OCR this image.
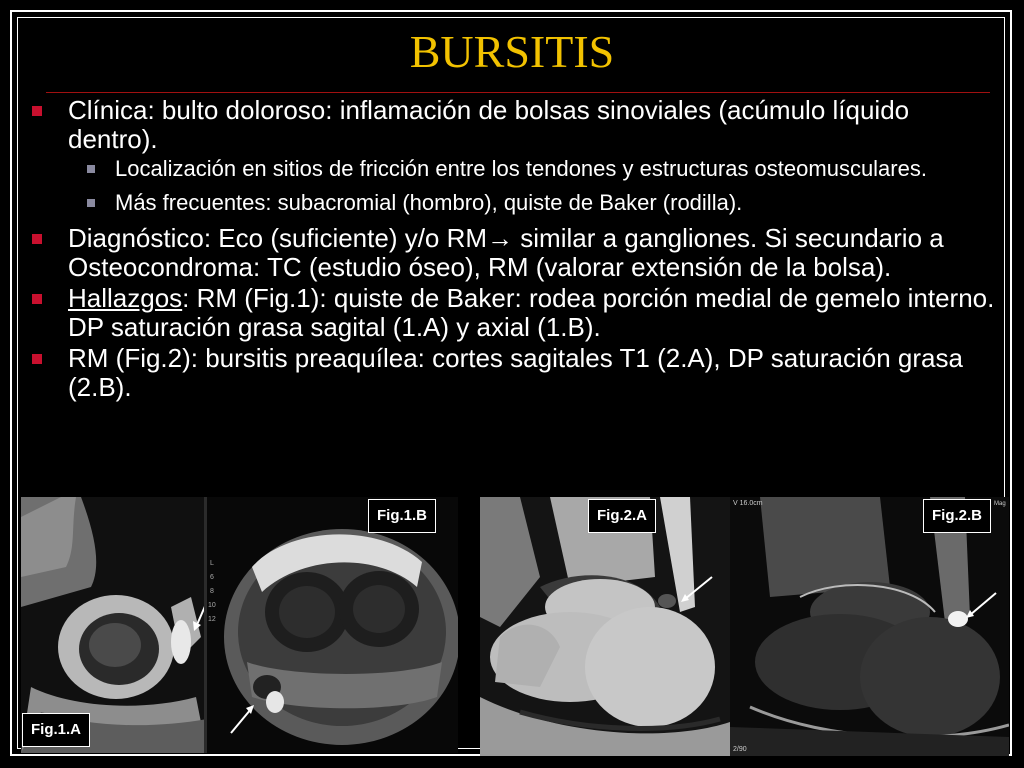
BURSITIS
Clínica: bulto doloroso: inflamación de bolsas sinoviales (acúmulo líquido dentro).
Localización en sitios de fricción entre los tendones y estructuras osteomusculares.
Más frecuentes: subacromial (hombro), quiste de Baker (rodilla).
Diagnóstico: Eco (suficiente) y/o RM→ similar a gangliones. Si secundario a Osteocondroma: TC (estudio óseo), RM (valorar extensión de la bolsa).
Hallazgos: RM (Fig.1): quiste de Baker: rodea porción medial de gemelo interno. DP saturación grasa sagital (1.A) y axial (1.B).
RM (Fig.2): bursitis preaquílea: cortes sagitales T1 (2.A), DP saturación grasa (2.B).
Fig.1.A
L
6
8
10
12
Fig.1.B	Fig.2.A
V 16.0cm	Mag
2/90
Fig.2.B
